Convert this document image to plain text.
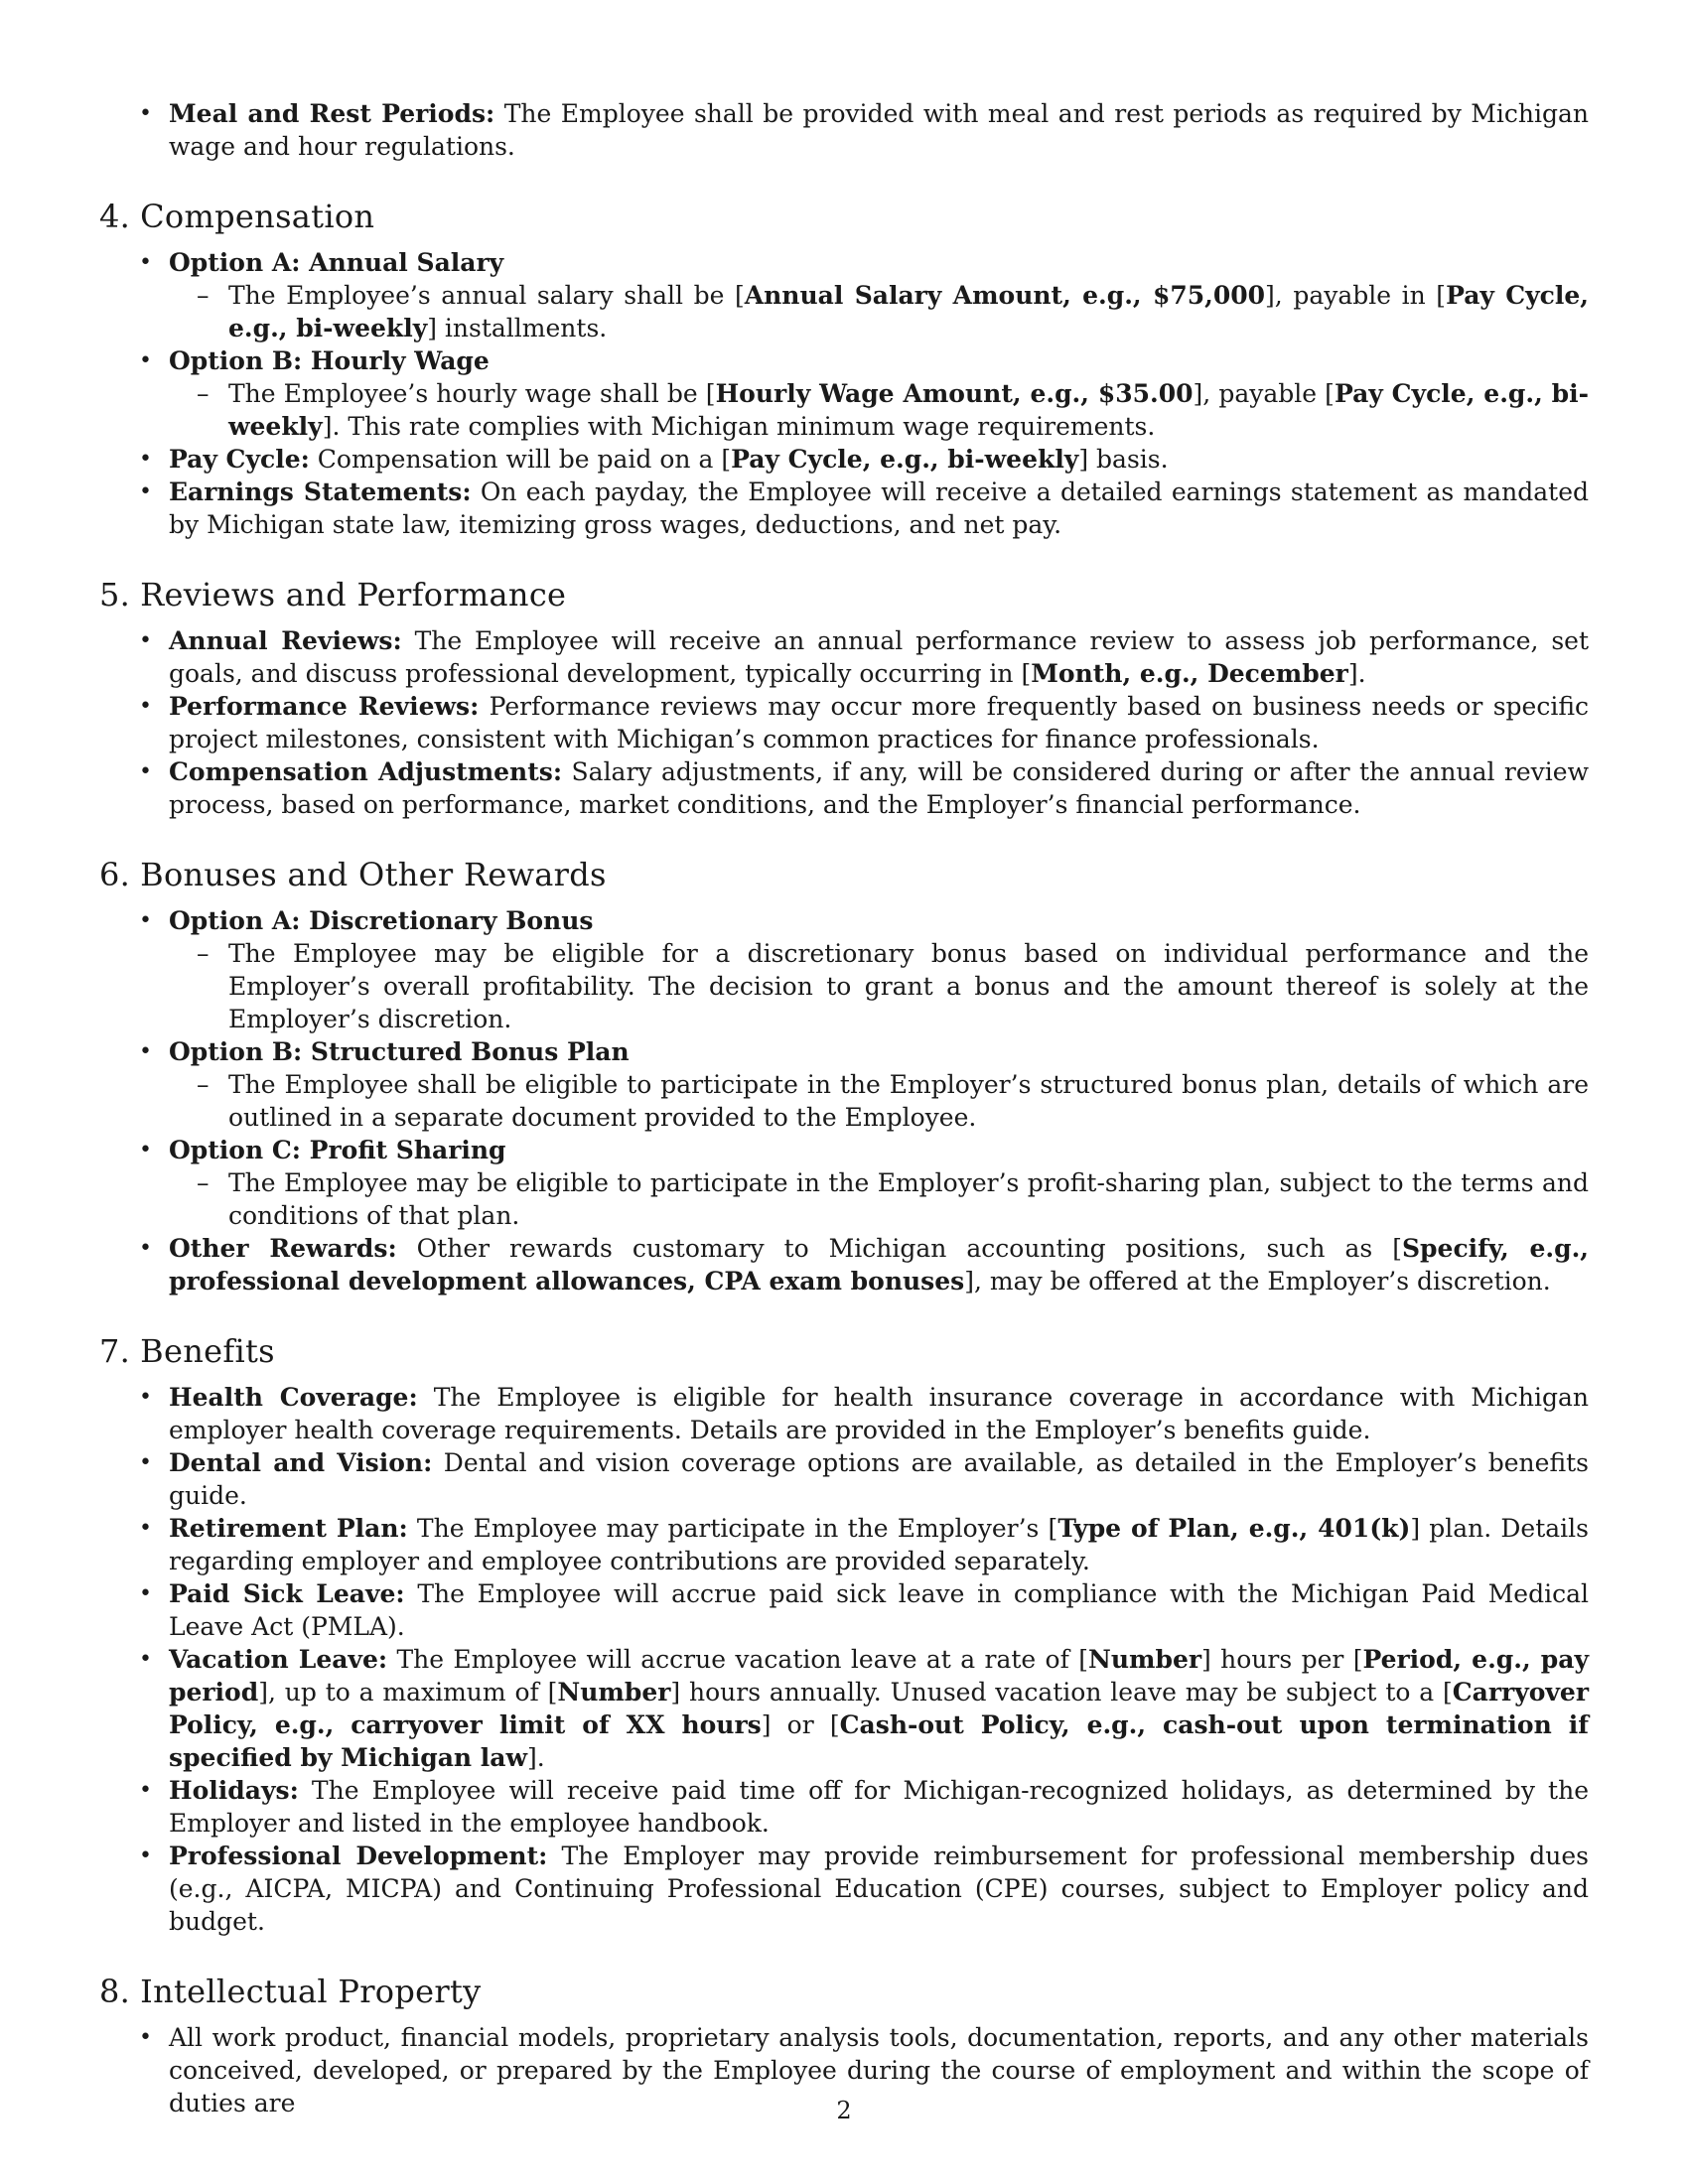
• Meal and Rest Periods: The Employee shall be provided with meal and rest periods as required by Michigan wage and hour regulations.
4. Compensation
• Option A: Annual Salary
– The Employee’s annual salary shall be [Annual Salary Amount, e.g., $75,000], payable in [Pay Cycle, e.g., bi-weekly] installments.
• Option B: Hourly Wage
– The Employee’s hourly wage shall be [Hourly Wage Amount, e.g., $35.00], payable [Pay Cycle, e.g., bi-weekly]. This rate complies with Michigan minimum wage requirements.
• Pay Cycle: Compensation will be paid on a [Pay Cycle, e.g., bi-weekly] basis.
• Earnings Statements: On each payday, the Employee will receive a detailed earnings statement as mandated by Michigan state law, itemizing gross wages, deductions, and net pay.
5. Reviews and Performance
• Annual Reviews: The Employee will receive an annual performance review to assess job performance, set goals, and discuss professional development, typically occurring in [Month, e.g., December].
• Performance Reviews: Performance reviews may occur more frequently based on business needs or specific project milestones, consistent with Michigan’s common practices for finance professionals.
• Compensation Adjustments: Salary adjustments, if any, will be considered during or after the annual review process, based on performance, market conditions, and the Employer’s financial performance.
6. Bonuses and Other Rewards
• Option A: Discretionary Bonus
– The Employee may be eligible for a discretionary bonus based on individual performance and the Employer’s overall profitability. The decision to grant a bonus and the amount thereof is solely at the Employer’s discretion.
• Option B: Structured Bonus Plan
– The Employee shall be eligible to participate in the Employer’s structured bonus plan, details of which are outlined in a separate document provided to the Employee.
• Option C: Profit Sharing
– The Employee may be eligible to participate in the Employer’s profit-sharing plan, subject to the terms and conditions of that plan.
• Other Rewards: Other rewards customary to Michigan accounting positions, such as [Specify, e.g., professional development allowances, CPA exam bonuses], may be offered at the Employer’s discretion.
7. Benefits
• Health Coverage: The Employee is eligible for health insurance coverage in accordance with Michigan employer health coverage requirements. Details are provided in the Employer’s benefits guide.
• Dental and Vision: Dental and vision coverage options are available, as detailed in the Employer’s benefits guide.
• Retirement Plan: The Employee may participate in the Employer’s [Type of Plan, e.g., 401(k)] plan. Details regarding employer and employee contributions are provided separately.
• Paid Sick Leave: The Employee will accrue paid sick leave in compliance with the Michigan Paid Medical Leave Act (PMLA).
• Vacation Leave: The Employee will accrue vacation leave at a rate of [Number] hours per [Period, e.g., pay period], up to a maximum of [Number] hours annually. Unused vacation leave may be subject to a [Carryover Policy, e.g., carryover limit of XX hours] or [Cash-out Policy, e.g., cash-out upon termination if specified by Michigan law].
• Holidays: The Employee will receive paid time off for Michigan-recognized holidays, as determined by the Employer and listed in the employee handbook.
• Professional Development: The Employer may provide reimbursement for professional membership dues (e.g., AICPA, MICPA) and Continuing Professional Education (CPE) courses, subject to Employer policy and budget.
8. Intellectual Property
• All work product, financial models, proprietary analysis tools, documentation, reports, and any other materials conceived, developed, or prepared by the Employee during the course of employment and within the scope of duties are	2
